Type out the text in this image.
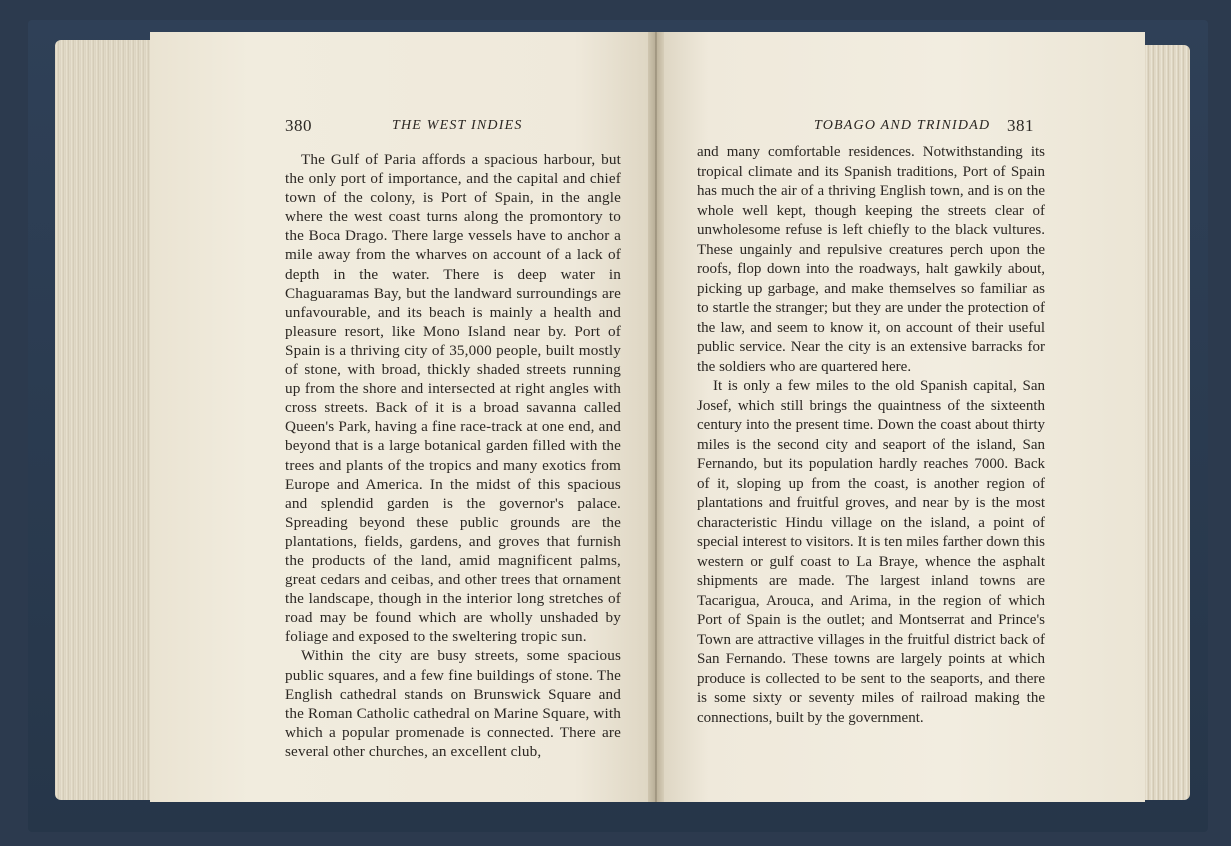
380	THE WEST INDIES	TOBAGO AND TRINIDAD 381

The Gulf of Paria affords a spacious harbour, but the only port of importance, and the capital and chief town of the colony, is Port of Spain, in the angle where the west coast turns along the promontory to the Boca Drago. There large vessels have to anchor a mile away from the wharves on account of a lack of depth in the water. There is deep water in Chaguaramas Bay, but the landward surroundings are unfavourable, and its beach is mainly a health and pleasure resort, like Mono Island near by. Port of Spain is a thriving city of 35,000 people, built mostly of stone, with broad, thickly shaded streets running up from the shore and intersected at right angles with cross streets. Back of it is a broad savanna called Queen's Park, having a fine race-track at one end, and beyond that is a large botanical garden filled with the trees and plants of the tropics and many exotics from Europe and America. In the midst of this spacious and splendid garden is the governor's palace. Spreading beyond these public grounds are the plantations, fields, gardens, and groves that furnish the products of the land, amid magnificent palms, great cedars and ceibas, and other trees that ornament the landscape, though in the interior long stretches of road may be found which are wholly unshaded by foliage and exposed to the sweltering tropic sun.

Within the city are busy streets, some spacious public squares, and a few fine buildings of stone. The English cathedral stands on Brunswick Square and the Roman Catholic cathedral on Marine Square, with which a popular promenade is connected. There are several other churches, an excellent club,

and many comfortable residences. Notwithstanding its tropical climate and its Spanish traditions, Port of Spain has much the air of a thriving English town, and is on the whole well kept, though keeping the streets clear of unwholesome refuse is left chiefly to the black vultures. These ungainly and repulsive creatures perch upon the roofs, flop down into the roadways, halt gawkily about, picking up garbage, and make themselves so familiar as to startle the stranger; but they are under the protection of the law, and seem to know it, on account of their useful public service. Near the city is an extensive barracks for the soldiers who are quartered here.

It is only a few miles to the old Spanish capital, San Josef, which still brings the quaintness of the sixteenth century into the present time. Down the coast about thirty miles is the second city and seaport of the island, San Fernando, but its population hardly reaches 7000. Back of it, sloping up from the coast, is another region of plantations and fruitful groves, and near by is the most characteristic Hindu village on the island, a point of special interest to visitors. It is ten miles farther down this western or gulf coast to La Braye, whence the asphalt shipments are made. The largest inland towns are Tacarigua, Arouca, and Arima, in the region of which Port of Spain is the outlet; and Montserrat and Prince's Town are attractive villages in the fruitful district back of San Fernando. These towns are largely points at which produce is collected to be sent to the seaports, and there is some sixty or seventy miles of railroad making the connections, built by the government.
